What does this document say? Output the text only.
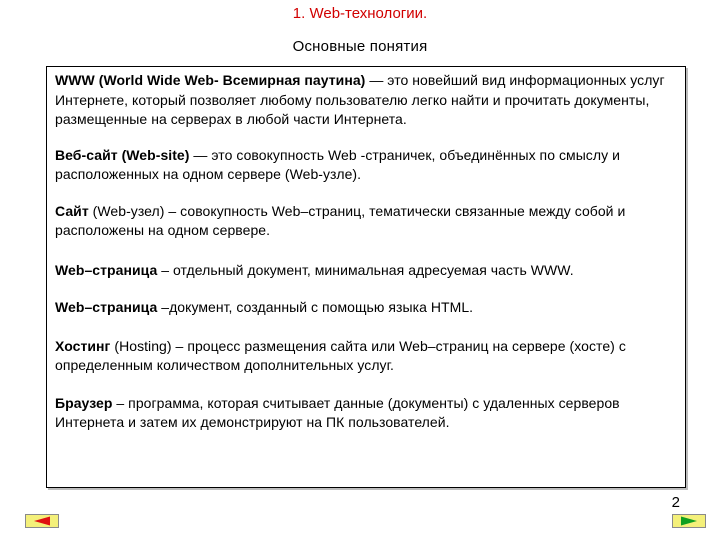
1. Web-технологии.
Основные понятия

WWW (World Wide Web- Всемирная паутина) — это новейший вид информационных услуг Интернете, который позволяет любому пользователю легко найти и прочитать документы, размещенные на серверах в любой части Интернета.

Веб-сайт (Web-site) — это совокупность Web -страничек, объединённых по смыслу и расположенных на одном сервере (Web-узле).

Сайт (Web-узел) – совокупность Web–страниц, тематически связанные между собой и расположены на одном сервере.

Web–страница – отдельный документ, минимальная адресуемая часть WWW.

Web–страница –документ, созданный с помощью языка HTML.

Хостинг (Hosting) – процесс размещения сайта или Web–страниц на сервере (хосте) с определенным количеством дополнительных услуг.

Браузер – программа, которая считывает данные (документы) с удаленных серверов Интернета и затем их демонстрируют на ПК пользователей.

2
